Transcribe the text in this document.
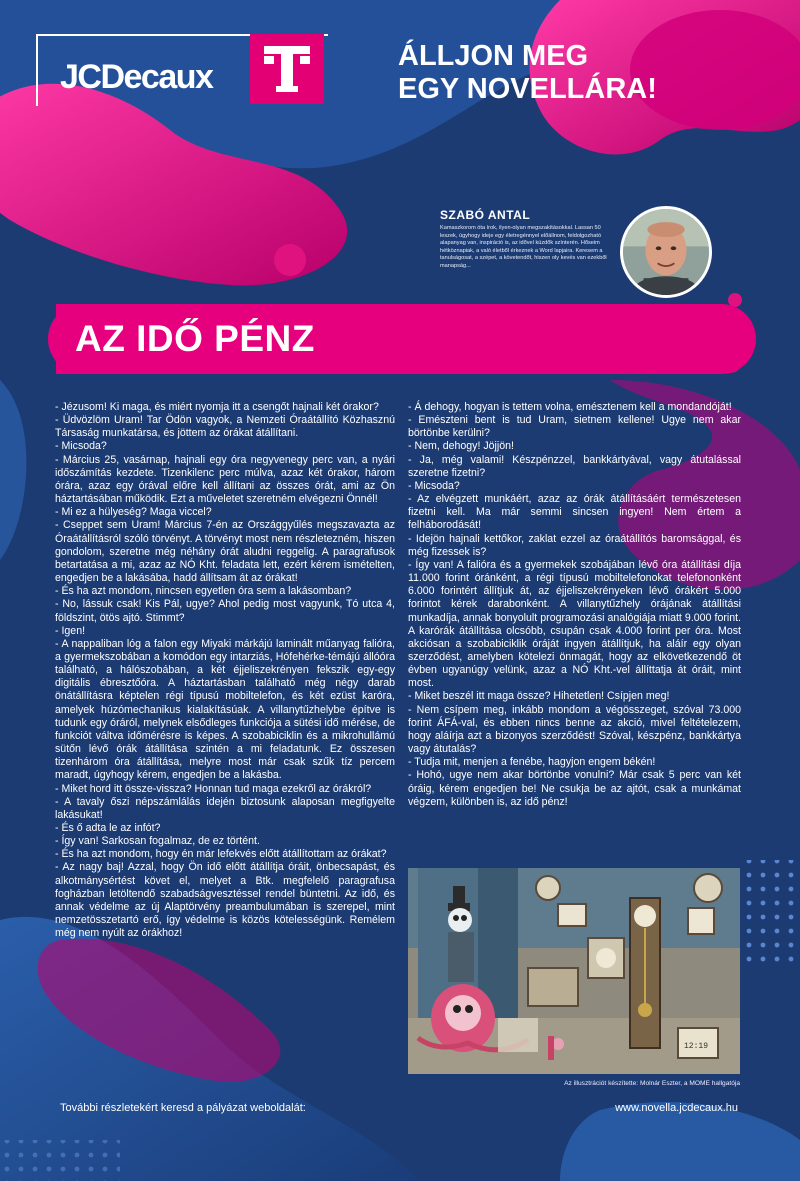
JCDecaux
ÁLLJON MEG
EGY NOVELLÁRA!
SZABÓ ANTAL
Kamaszkorom óta írok, ilyen-olyan megszakításokkal. Lassan 50 leszek, úgyhogy ideje egy életregénnyel előállnom, feldolgozható alapanyag van, inspiráció is, az idővel küzdők színterén. Hőseim hétköznapiak, a való életből érkeznek a Word lapjaira. Keresem a tanulságosat, a szépet, a követendőt, hiszen oly kevés van ezekből manapság...
AZ IDŐ PÉNZ

- Jézusom! Ki maga, és miért nyomja itt a csengőt hajnali két órakor?

- Üdvözlöm Uram! Tar Ödön vagyok, a Nemzeti Óraátállító Közhasznú Társaság munkatársa, és jöttem az órákat átállítani.

- Micsoda?

- Március 25, vasárnap, hajnali egy óra negyvenegy perc van, a nyári időszámítás kezdete. Tizenkilenc perc múlva, azaz két órakor, három órára, azaz egy órával előre kell állítani az összes órát, ami az Ön háztartásában működik. Ezt a műveletet szeretném elvégezni Önnél!

- Mi ez a hülyeség? Maga viccel?

- Cseppet sem Uram! Március 7-én az Országgyűlés megszavazta az Óraátállításról szóló törvényt. A törvényt most nem részletezném, hiszen gondolom, szeretne még néhány órát aludni reggelig. A paragrafusok betartatása a mi, azaz az NÓ Kht. feladata lett, ezért kérem ismételten, engedjen be a lakásába, hadd állítsam át az órákat!

- És ha azt mondom, nincsen egyetlen óra sem a lakásomban?

- No, lássuk csak! Kis Pál, ugye? Ahol pedig most vagyunk, Tó utca 4, földszint, ötös ajtó. Stimmt?

- Igen!

- A nappaliban lóg a falon egy Miyaki márkájú laminált műanyag falióra, a gyermekszobában a komódon egy intarziás, Hófehérke-témájú állóóra található, a hálószobában, a két éjjeliszekrényen fekszik egy-egy digitális ébresztőóra. A háztartásban található még négy darab önátállításra képtelen régi típusú mobiltelefon, és két ezüst karóra, amelyek húzómechanikus kialakításúak. A villanytűzhelybe építve is tudunk egy óráról, melynek elsődleges funkciója a sütési idő mérése, de funkciót váltva időmérésre is képes. A szobabiciklin és a mikrohullámú sütőn lévő órák átállítása szintén a mi feladatunk. Ez összesen tizenhárom óra átállítása, melyre most már csak szűk tíz percem maradt, úgyhogy kérem, engedjen be a lakásba.

- Miket hord itt össze-vissza? Honnan tud maga ezekről az órákról?

- A tavaly őszi népszámlálás idején biztosunk alaposan megfigyelte lakásukat!

- És ő adta le az infót?

- Így van! Sarkosan fogalmaz, de ez történt.

- És ha azt mondom, hogy én már lefekvés előtt átállítottam az órákat?

- Az nagy baj! Azzal, hogy Ön idő előtt átállítja óráit, önbecsapást, és alkotmánysértést követ el, melyet a Btk. megfelelő paragrafusa fogházban letöltendő szabadságvesztéssel rendel büntetni. Az idő, és annak védelme az új Alaptörvény preambulumában is szerepel, mint nemzetösszetartó erő, így védelme is közös kötelességünk. Remélem még nem nyúlt az órákhoz!

- Á dehogy, hogyan is tettem volna, emésztenem kell a mondandóját!

- Emészteni bent is tud Uram, sietnem kellene! Ugye nem akar börtönbe kerülni?

- Nem, dehogy! Jöjjön!

- Ja, még valami! Készpénzzel, bankkártyával, vagy átutalással szeretne fizetni?

- Micsoda?

- Az elvégzett munkáért, azaz az órák átállításáért természetesen fizetni kell. Ma már semmi sincsen ingyen! Nem értem a felháborodását!

- Idejön hajnali kettőkor, zaklat ezzel az óraátállítós baromsággal, és még fizessek is?

- Így van! A falióra és a gyermekek szobájában lévő óra átállítási díja 11.000 forint óránként, a régi típusú mobiltelefonokat telefononként 6.000 forintért állítjuk át, az éjjeliszekrényeken lévő órákért 5.000 forintot kérek darabonként. A villanytűzhely órájának átállítási munkadíja, annak bonyolult programozási analógiája miatt 9.000 forint. A karórák átállítása olcsóbb, csupán csak 4.000 forint per óra. Most akciósan a szobabiciklik óráját ingyen átállítjuk, ha aláír egy olyan szerződést, amelyben kötelezi önmagát, hogy az elkövetkezendő öt évben ugyanúgy velünk, azaz a NÓ Kht.-vel állíttatja át óráit, mint most.

- Miket beszél itt maga össze? Hihetetlen! Csípjen meg!

- Nem csípem meg, inkább mondom a végösszeget, szóval 73.000 forint ÁFÁ-val, és ebben nincs benne az akció, mivel feltételezem, hogy aláírja azt a bizonyos szerződést! Szóval, készpénz, bankkártya vagy átutalás?

- Tudja mit, menjen a fenébe, hagyjon engem békén!

- Hohó, ugye nem akar börtönbe vonulni? Már csak 5 perc van két óráig, kérem engedjen be! Ne csukja be az ajtót, csak a munkámat végzem, különben is, az idő pénz!

12:19
Az illusztrációt készítette: Molnár Eszter, a MOME hallgatója
További részletekért keresd a pályázat weboldalát:	www.novella.jcdecaux.hu
